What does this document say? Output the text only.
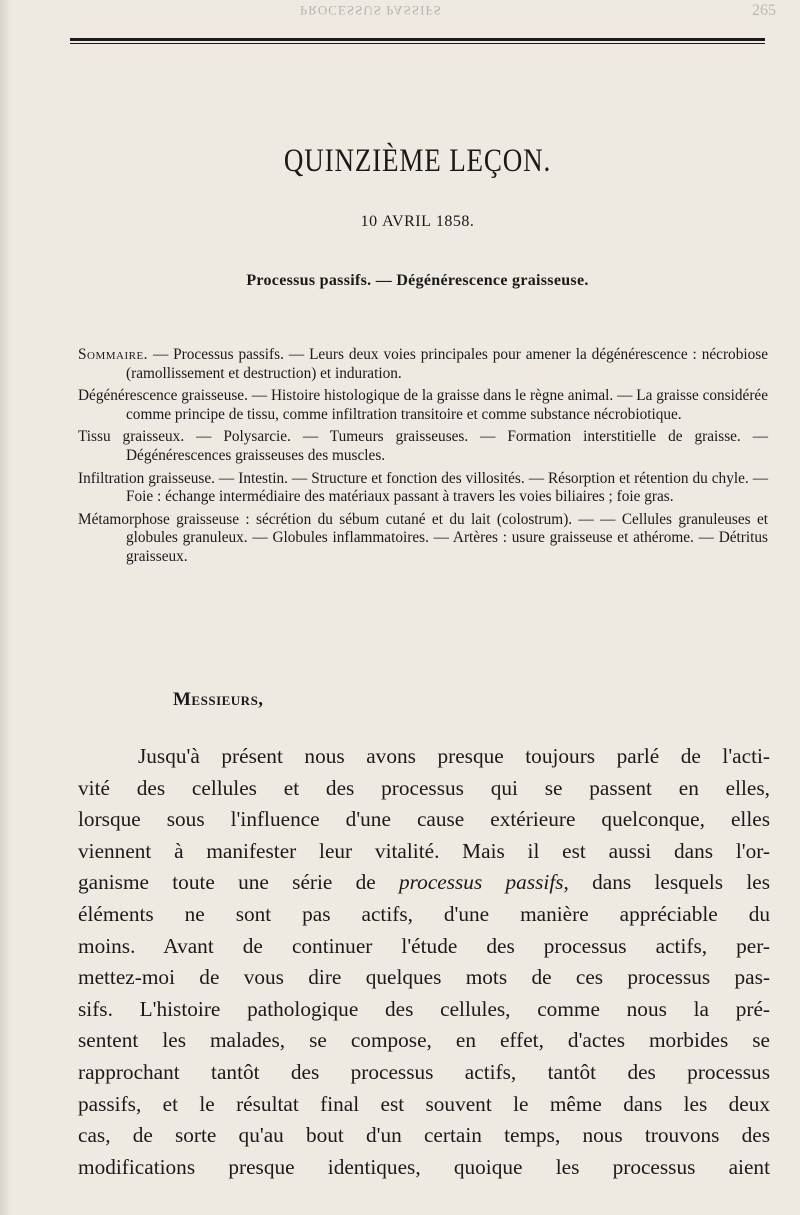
PROCESSUS PASSIFS	265
QUINZIÈME LEÇON.
10 AVRIL 1858.
Processus passifs. — Dégénérescence graisseuse.

Sommaire. — Processus passifs. — Leurs deux voies principales pour amener la dégénérescence : nécrobiose (ramollissement et destruction) et induration.

Dégénérescence graisseuse. — Histoire histologique de la graisse dans le règne animal. — La graisse considérée comme principe de tissu, comme infiltration transitoire et comme substance nécrobiotique.

Tissu graisseux. — Polysarcie. — Tumeurs graisseuses. — Formation interstitielle de graisse. — Dégénérescences graisseuses des muscles.

Infiltration graisseuse. — Intestin. — Structure et fonction des villosités. — Résorption et rétention du chyle. — Foie : échange intermédiaire des matériaux passant à travers les voies biliaires ; foie gras.

Métamorphose graisseuse : sécrétion du sébum cutané et du lait (colostrum). — — Cellules granuleuses et globules granuleux. — Globules inflammatoires. — Artères : usure graisseuse et athérome. — Détritus graisseux.

Messieurs,
Jusqu'à présent nous avons presque toujours parlé de l'acti-
vité des cellules et des processus qui se passent en elles,
lorsque sous l'influence d'une cause extérieure quelconque, elles
viennent à manifester leur vitalité. Mais il est aussi dans l'or-
ganisme toute une série de processus passifs, dans lesquels les
éléments ne sont pas actifs, d'une manière appréciable du
moins. Avant de continuer l'étude des processus actifs, per-
mettez-moi de vous dire quelques mots de ces processus pas-
sifs. L'histoire pathologique des cellules, comme nous la pré-
sentent les malades, se compose, en effet, d'actes morbides se
rapprochant tantôt des processus actifs, tantôt des processus
passifs, et le résultat final est souvent le même dans les deux
cas, de sorte qu'au bout d'un certain temps, nous trouvons des
modifications presque identiques, quoique les processus aient
